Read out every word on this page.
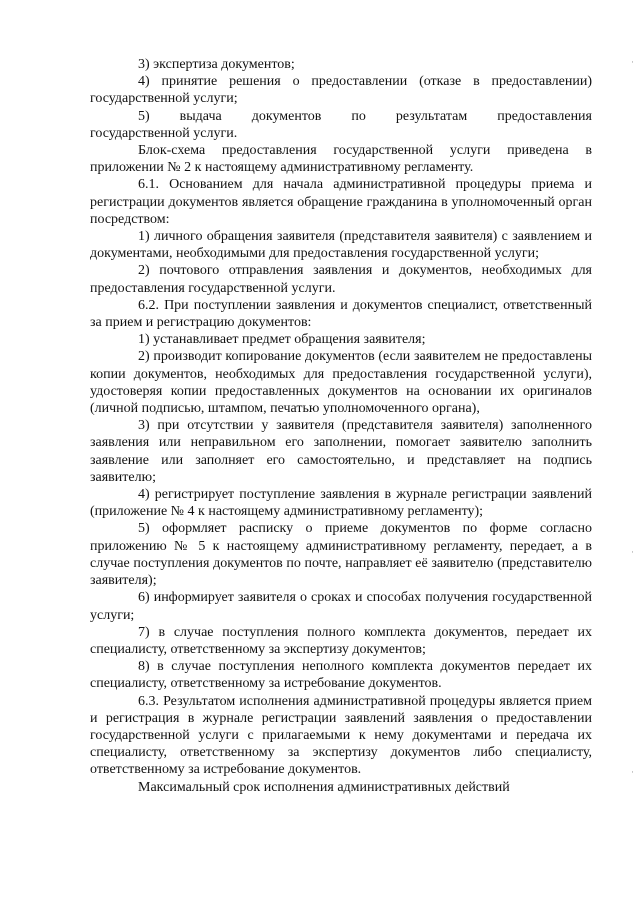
3) экспертиза документов;

4) принятие решения о предоставлении (отказе в предоставлении) государственной услуги;

5)     выдача     документов     по     результатам     предоставления государственной услуги.

Блок-схема предоставления государственной услуги приведена в приложении № 2 к настоящему административному регламенту.

6.1. Основанием для начала административной процедуры приема и регистрации документов является обращение гражданина в уполномоченный орган посредством:

1) личного обращения заявителя (представителя заявителя) с заявлением и документами, необходимыми для предоставления государственной услуги;

2) почтового отправления заявления и документов, необходимых для предоставления государственной услуги.

6.2. При поступлении заявления и документов специалист, ответственный за прием и регистрацию документов:

1) устанавливает предмет обращения заявителя;

2) производит копирование документов (если заявителем не предоставлены копии документов, необходимых для предоставления государственной услуги), удостоверяя копии предоставленных документов на основании их оригиналов (личной подписью, штампом, печатью уполномоченного органа),

3) при отсутствии у заявителя (представителя заявителя) заполненного заявления или неправильном его заполнении, помогает заявителю заполнить заявление или заполняет его самостоятельно, и представляет на подпись заявителю;

4) регистрирует поступление заявления в журнале регистрации заявлений (приложение № 4 к настоящему административному регламенту);

5) оформляет расписку о приеме документов по форме согласно приложению № 5 к настоящему административному регламенту, передает, а в случае поступления документов по почте, направляет её заявителю (представителю заявителя);

6) информирует заявителя о сроках и способах получения государственной услуги;

7) в случае поступления полного комплекта документов, передает их специалисту, ответственному за экспертизу документов;

8) в случае поступления неполного комплекта документов передает их специалисту, ответственному за истребование документов.

6.3. Результатом исполнения административной процедуры является прием и регистрация в журнале регистрации заявлений заявления о предоставлении государственной услуги с прилагаемыми к нему документами и передача их специалисту, ответственному за экспертизу документов либо специалисту, ответственному за истребование документов.

Максимальный срок исполнения административных действий

·
·
·
